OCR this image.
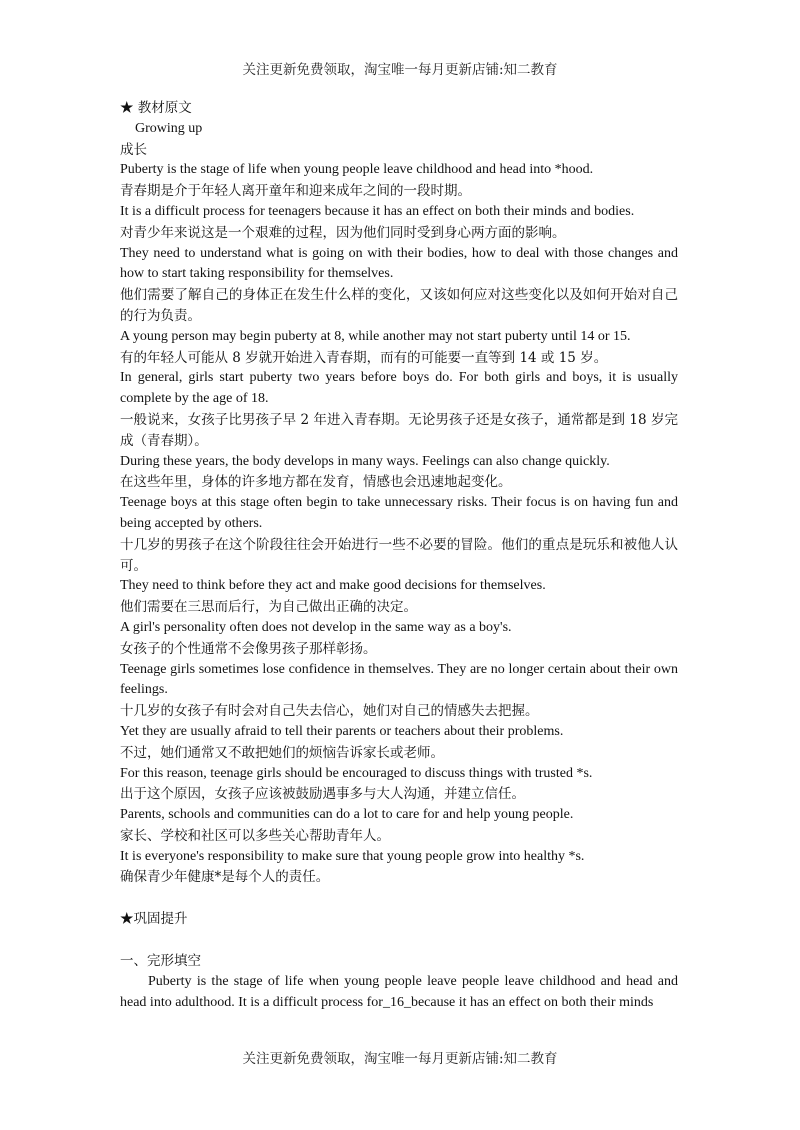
关注更新免费领取，淘宝唯一每月更新店铺:知二教育

★ 教材原文

Growing up

成长

Puberty is the stage of life when young people leave childhood and head into *hood.

青春期是介于年轻人离开童年和迎来成年之间的一段时期。

It is a difficult process for teenagers because it has an effect on both their minds and bodies.

对青少年来说这是一个艰难的过程，因为他们同时受到身心两方面的影响。

They need to understand what is going on with their bodies, how to deal with those changes and how to start taking responsibility for themselves.

他们需要了解自己的身体正在发生什么样的变化，又该如何应对这些变化以及如何开始对自己的行为负责。

A young person may begin puberty at 8, while another may not start puberty until 14 or 15.

有的年轻人可能从 8 岁就开始进入青春期，而有的可能要一直等到 14 或 15 岁。

In general, girls start puberty two years before boys do. For both girls and boys, it is usually complete by the age of 18.

一般说来，女孩子比男孩子早 2 年进入青春期。无论男孩子还是女孩子，通常都是到 18 岁完成（青春期）。

During these years, the body develops in many ways. Feelings can also change quickly.

在这些年里，身体的许多地方都在发育，情感也会迅速地起变化。

Teenage boys at this stage often begin to take unnecessary risks. Their focus is on having fun and being accepted by others.

十几岁的男孩子在这个阶段往往会开始进行一些不必要的冒险。他们的重点是玩乐和被他人认可。

They need to think before they act and make good decisions for themselves.

他们需要在三思而后行，为自己做出正确的决定。

A girl's personality often does not develop in the same way as a boy's.

女孩子的个性通常不会像男孩子那样彰扬。

Teenage girls sometimes lose confidence in themselves. They are no longer certain about their own feelings.

十几岁的女孩子有时会对自己失去信心，她们对自己的情感失去把握。

Yet they are usually afraid to tell their parents or teachers about their problems.

不过，她们通常又不敢把她们的烦恼告诉家长或老师。

For this reason, teenage girls should be encouraged to discuss things with trusted *s.

出于这个原因，女孩子应该被鼓励遇事多与大人沟通，并建立信任。

Parents, schools and communities can do a lot to care for and help young people.

家长、学校和社区可以多些关心帮助青年人。

It is everyone's responsibility to make sure that young people grow into healthy *s.

确保青少年健康*是每个人的责任。

★巩固提升

一、完形填空

Puberty is the stage of life when young people leave people leave childhood and head and head into adulthood. It is a difficult process for_16_because it has an effect on both their minds

关注更新免费领取，淘宝唯一每月更新店铺:知二教育
